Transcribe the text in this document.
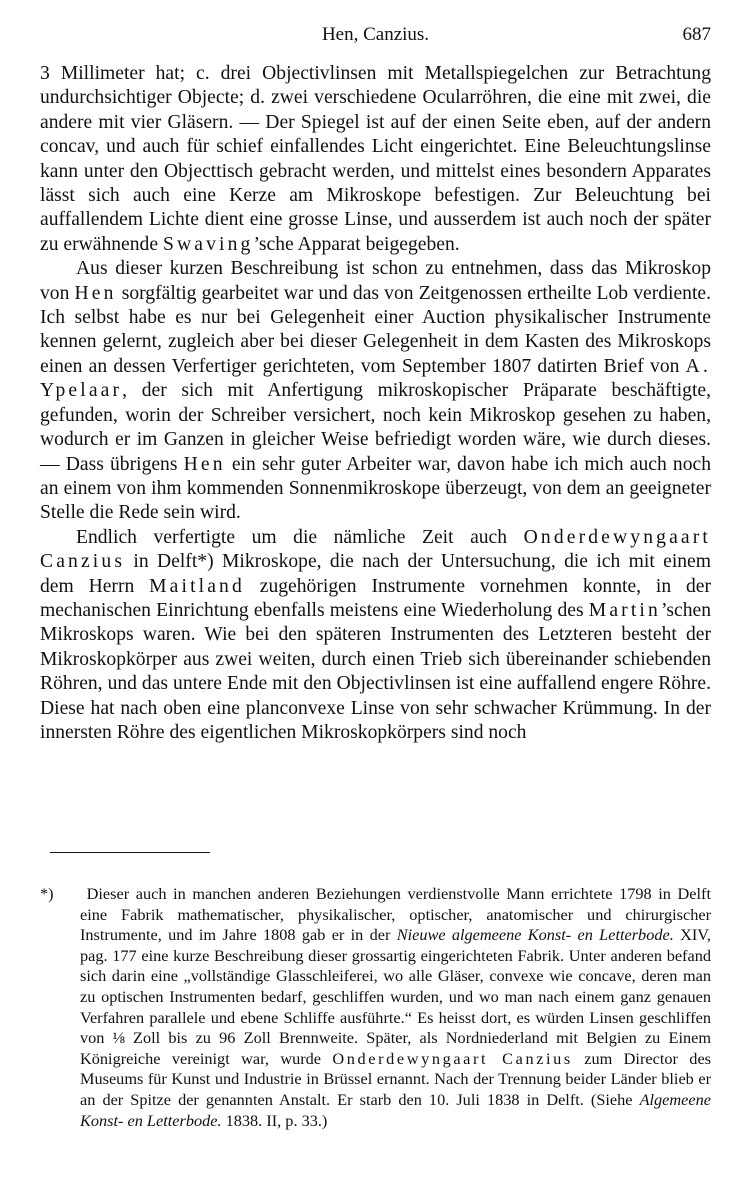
Hen, Canzius.	687

3 Millimeter hat; c. drei Objectivlinsen mit Metallspiegelchen zur Betrachtung undurchsichtiger Objecte; d. zwei verschiedene Ocularröhren, die eine mit zwei, die andere mit vier Gläsern. — Der Spiegel ist auf der einen Seite eben, auf der andern concav, und auch für schief einfallendes Licht eingerichtet. Eine Beleuchtungslinse kann unter den Objecttisch gebracht werden, und mittelst eines besondern Apparates lässt sich auch eine Kerze am Mikroskope befestigen. Zur Beleuchtung bei auffallendem Lichte dient eine grosse Linse, und ausserdem ist auch noch der später zu erwähnende Swaving’sche Apparat beigegeben.

Aus dieser kurzen Beschreibung ist schon zu entnehmen, dass das Mikroskop von Hen sorgfältig gearbeitet war und das von Zeitgenossen ertheilte Lob verdiente. Ich selbst habe es nur bei Gelegenheit einer Auction physikalischer Instrumente kennen gelernt, zugleich aber bei dieser Gelegenheit in dem Kasten des Mikroskops einen an dessen Verfertiger gerichteten, vom September 1807 datirten Brief von A. Ypelaar, der sich mit Anfertigung mikroskopischer Präparate beschäftigte, gefunden, worin der Schreiber versichert, noch kein Mikroskop gesehen zu haben, wodurch er im Ganzen in gleicher Weise befriedigt worden wäre, wie durch dieses. — Dass übrigens Hen ein sehr guter Arbeiter war, davon habe ich mich auch noch an einem von ihm kommenden Sonnenmikroskope überzeugt, von dem an geeigneter Stelle die Rede sein wird.

Endlich verfertigte um die nämliche Zeit auch Onderdewyngaart Canzius in Delft*) Mikroskope, die nach der Untersuchung, die ich mit einem dem Herrn Maitland zugehörigen Instrumente vornehmen konnte, in der mechanischen Einrichtung ebenfalls meistens eine Wiederholung des Martin’schen Mikroskops waren. Wie bei den späteren Instrumenten des Letzteren besteht der Mikroskopkörper aus zwei weiten, durch einen Trieb sich übereinander schiebenden Röhren, und das untere Ende mit den Objectivlinsen ist eine auffallend engere Röhre. Diese hat nach oben eine planconvexe Linse von sehr schwacher Krümmung. In der innersten Röhre des eigentlichen Mikroskopkörpers sind noch

*) Dieser auch in manchen anderen Beziehungen verdienstvolle Mann errichtete 1798 in Delft eine Fabrik mathematischer, physikalischer, optischer, anatomischer und chirurgischer Instrumente, und im Jahre 1808 gab er in der Nieuwe algemeene Konst- en Letterbode. XIV, pag. 177 eine kurze Beschreibung dieser grossartig eingerichteten Fabrik. Unter anderen befand sich darin eine „vollständige Glasschleiferei, wo alle Gläser, convexe wie concave, deren man zu optischen Instrumenten bedarf, geschliffen wurden, und wo man nach einem ganz genauen Verfahren parallele und ebene Schliffe ausführte.“ Es heisst dort, es würden Linsen geschliffen von ⅛ Zoll bis zu 96 Zoll Brennweite. Später, als Nordniederland mit Belgien zu Einem Königreiche vereinigt war, wurde Onderdewyngaart Canzius zum Director des Museums für Kunst und Industrie in Brüssel ernannt. Nach der Trennung beider Länder blieb er an der Spitze der genannten Anstalt. Er starb den 10. Juli 1838 in Delft. (Siehe Algemeene Konst- en Letterbode. 1838. II, p. 33.)
